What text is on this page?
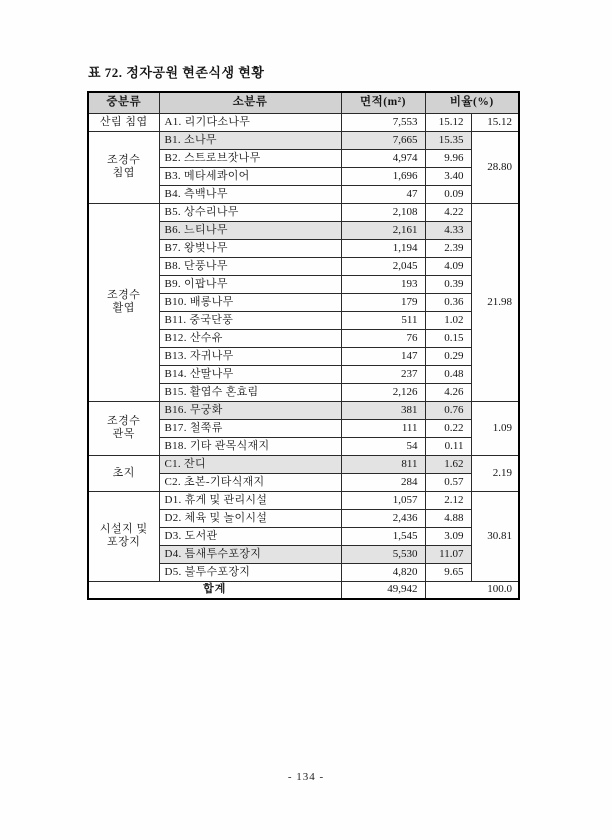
표 72. 정자공원 현존식생 현황
중분류	소분류	면적(m²)	비율(%)	
산림 침엽	A1. 리기다소나무	7,553	15.12	15.12
조경수 침엽	B1. 소나무	7,665	15.35	28.80
	B2. 스트로브잣나무	4,974	9.96	
	B3. 메타세콰이어	1,696	3.40	
	B4. 측백나무	47	0.09	
조경수 활엽	B5. 상수리나무	2,108	4.22	21.98
	B6. 느티나무	2,161	4.33	
	B7. 왕벚나무	1,194	2.39	
	B8. 단풍나무	2,045	4.09	
	B9. 이팝나무	193	0.39	
	B10. 배롱나무	179	0.36	
	B11. 중국단풍	511	1.02	
	B12. 산수유	76	0.15	
	B13. 자귀나무	147	0.29	
	B14. 산딸나무	237	0.48	
	B15. 활엽수 혼효림	2,126	4.26	
조경수 관목	B16. 무궁화	381	0.76	1.09
	B17. 철쭉류	111	0.22	
	B18. 기타 관목식재지	54	0.11	
초지	C1. 잔디	811	1.62	2.19
	C2. 초본-기타식재지	284	0.57	
시설지 및 포장지	D1. 휴게 및 관리시설	1,057	2.12	30.81
	D2. 체육 및 놀이시설	2,436	4.88	
	D3. 도서관	1,545	3.09	
	D4. 틈새투수포장지	5,530	11.07	
	D5. 불투수포장지	4,820	9.65	
합계		49,942	100.0	
- 134 -
